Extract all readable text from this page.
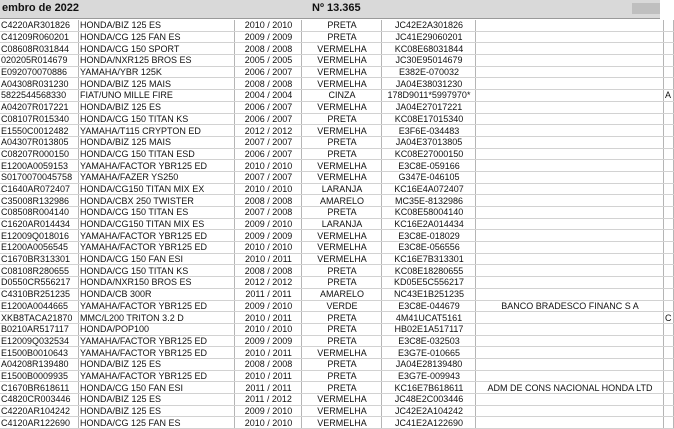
embro de 2022	Nº 13.365
C4220AR301826	HONDA/BIZ 125 ES	2010 / 2010	PRETA	JC42E2A301826		
C41209R060201	HONDA/CG 125 FAN ES	2009 / 2009	PRETA	JC41E29060201		
C08608R031844	HONDA/CG 150 SPORT	2008 / 2008	VERMELHA	KC08E68031844		
020205R014679	HONDA/NXR125 BROS ES	2005 / 2005	VERMELHA	JC30E95014679		
E092070070886	YAMAHA/YBR 125K	2006 / 2007	VERMELHA	E382E-070032		
A04308R031230	HONDA/BIZ 125 MAIS	2008 / 2008	VERMELHA	JA04E38031230		
5822544568330	FIAT/UNO MILLE FIRE	2004 / 2004	CINZA	178D9011*5997970*		A
A04207R017221	HONDA/BIZ 125 ES	2006 / 2007	VERMELHA	JA04E27017221		
C08107R015340	HONDA/CG 150 TITAN KS	2006 / 2007	PRETA	KC08E17015340		
E1550C0012482	YAMAHA/T115 CRYPTON ED	2012 / 2012	VERMELHA	E3F6E-034483		
A04307R013805	HONDA/BIZ 125 MAIS	2007 / 2007	PRETA	JA04E37013805		
C08207R000150	HONDA/CG 150 TITAN ESD	2006 / 2007	PRETA	KC08E27000150		
E1200A0059153	YAMAHA/FACTOR YBR125 ED	2010 / 2010	VERMELHA	E3C8E-059166		
S0170070045758	YAMAHA/FAZER YS250	2007 / 2007	VERMELHA	G347E-046105		
C1640AR072407	HONDA/CG150 TITAN MIX EX	2010 / 2010	LARANJA	KC16E4A072407		
C35008R132986	HONDA/CBX 250 TWISTER	2008 / 2008	AMARELO	MC35E-8132986		
C08508R004140	HONDA/CG 150 TITAN ES	2007 / 2008	PRETA	KC08E58004140		
C1620AR014434	HONDA/CG150 TITAN MIX ES	2009 / 2010	LARANJA	KC16E2A014434		
E12009Q018016	YAMAHA/FACTOR YBR125 ED	2009 / 2009	VERMELHA	E3C8E-018029		
E1200A0056545	YAMAHA/FACTOR YBR125 ED	2010 / 2010	VERMELHA	E3C8E-056556		
C1670BR313301	HONDA/CG 150 FAN ESI	2010 / 2011	VERMELHA	KC16E7B313301		
C08108R280655	HONDA/CG 150 TITAN KS	2008 / 2008	PRETA	KC08E18280655		
D0550CR556217	HONDA/NXR150 BROS ES	2012 / 2012	PRETA	KD05E5C556217		
C4310BR251235	HONDA/CB 300R	2011 / 2011	AMARELO	NC43E1B251235		
E1200A0044665	YAMAHA/FACTOR YBR125 ED	2009 / 2010	VERDE	E3C8E-044679	BANCO BRADESCO FINANC S A	
XKB8TACA21870	MMC/L200 TRITON 3.2 D	2010 / 2011	PRETA	4M41UCAT5161		C
B0210AR517117	HONDA/POP100	2010 / 2010	PRETA	HB02E1A517117		
E12009Q032534	YAMAHA/FACTOR YBR125 ED	2009 / 2009	PRETA	E3C8E-032503		
E1500B0010643	YAMAHA/FACTOR YBR125 ED	2010 / 2011	VERMELHA	E3G7E-010665		
A04208R139480	HONDA/BIZ 125 ES	2008 / 2008	PRETA	JA04E28139480		
E1500B0009935	YAMAHA/FACTOR YBR125 ED	2010 / 2011	PRETA	E3G7E-009943		
C1670BR618611	HONDA/CG 150 FAN ESI	2011 / 2011	PRETA	KC16E7B618611	ADM DE CONS NACIONAL HONDA LTD	
C4820CR003446	HONDA/BIZ 125 ES	2011 / 2012	VERMELHA	JC48E2C003446		
C4220AR104242	HONDA/BIZ 125 ES	2009 / 2010	VERMELHA	JC42E2A104242		
C4120AR122690	HONDA/CG 125 FAN ES	2010 / 2010	VERMELHA	JC41E2A122690		
